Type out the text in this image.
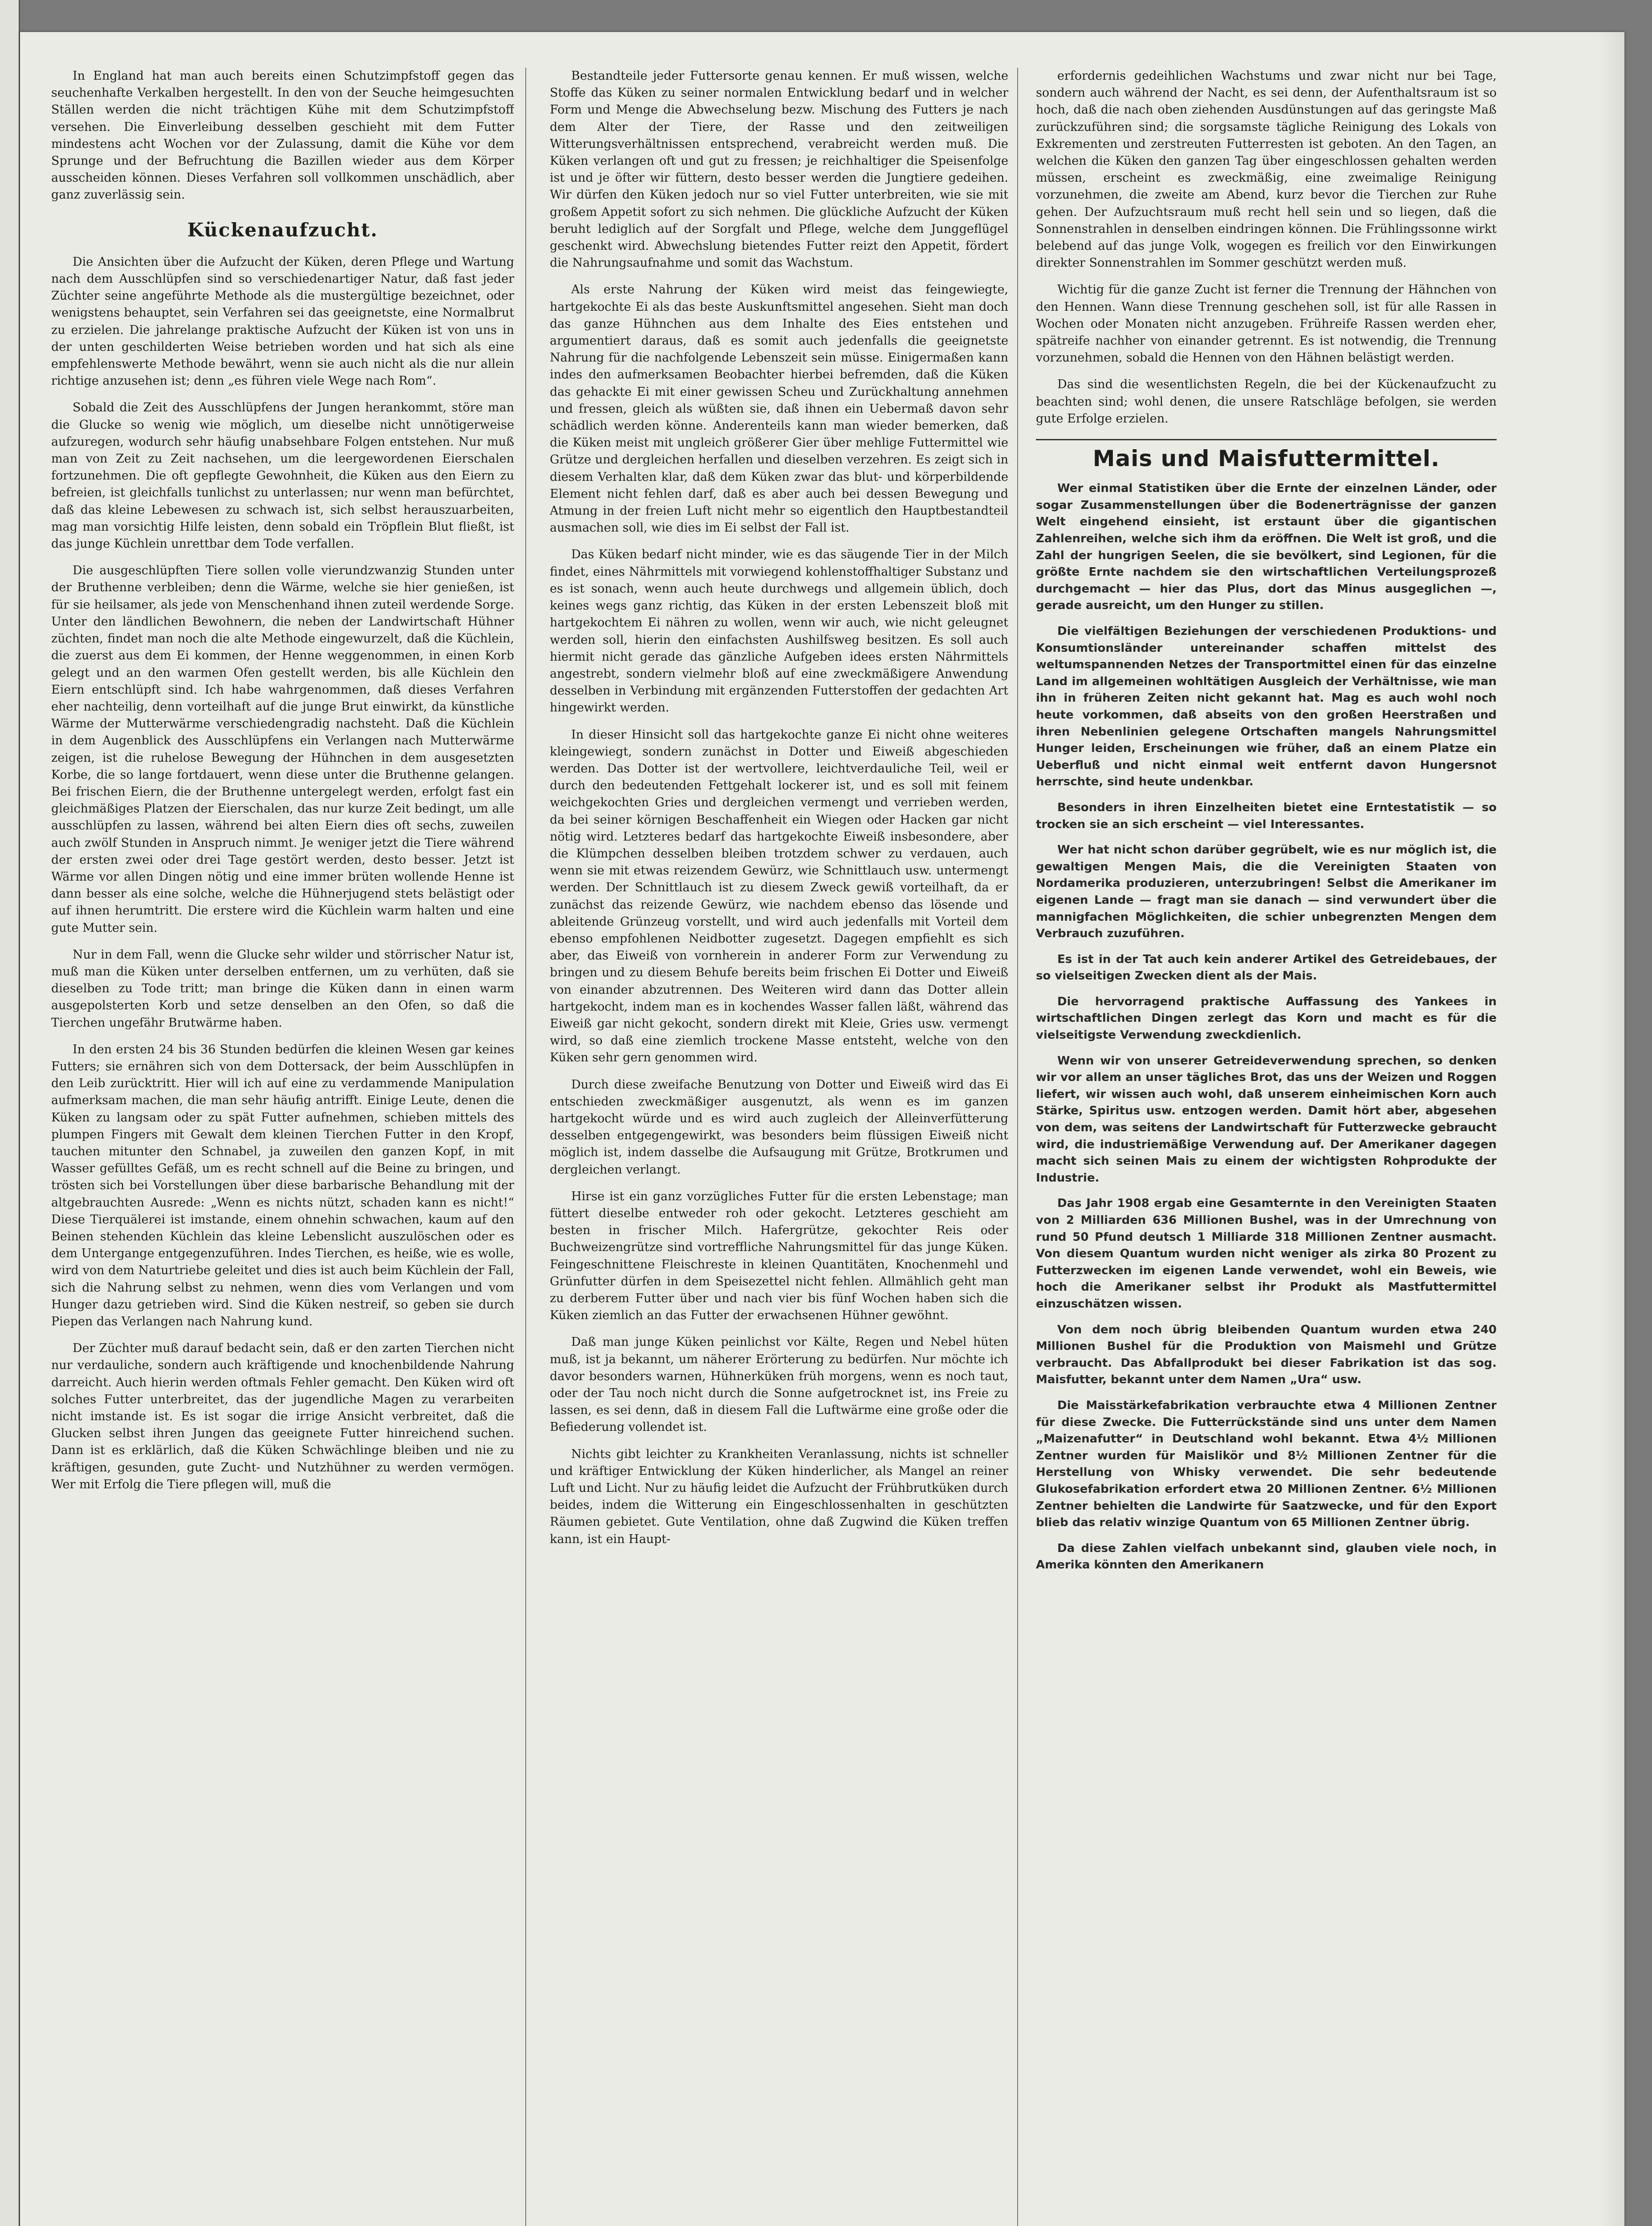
In England hat man auch bereits einen Schutzimpfstoff gegen das seuchenhafte Verkalben hergestellt. In den von der Seuche heimgesuchten Ställen werden die nicht trächtigen Kühe mit dem Schutzimpfstoff versehen. Die Einverleibung desselben geschieht mit dem Futter mindestens acht Wochen vor der Zulassung, damit die Kühe vor dem Sprunge und der Befruchtung die Bazillen wieder aus dem Körper ausscheiden können. Dieses Verfahren soll vollkommen unschädlich, aber ganz zuverlässig sein.

Kückenaufzucht.

Die Ansichten über die Aufzucht der Küken, deren Pflege und Wartung nach dem Ausschlüpfen sind so verschiedenartiger Natur, daß fast jeder Züchter seine angeführte Methode als die mustergültige bezeichnet, oder wenigstens behauptet, sein Verfahren sei das geeignetste, eine Normalbrut zu erzielen. Die jahrelange praktische Aufzucht der Küken ist von uns in der unten geschilderten Weise betrieben worden und hat sich als eine empfehlenswerte Methode bewährt, wenn sie auch nicht als die nur allein richtige anzusehen ist; denn „es führen viele Wege nach Rom“.

Sobald die Zeit des Ausschlüpfens der Jungen herankommt, störe man die Glucke so wenig wie möglich, um dieselbe nicht unnötigerweise aufzuregen, wodurch sehr häufig unabsehbare Folgen entstehen. Nur muß man von Zeit zu Zeit nachsehen, um die leergewordenen Eierschalen fortzunehmen. Die oft gepflegte Gewohnheit, die Küken aus den Eiern zu befreien, ist gleichfalls tunlichst zu unterlassen; nur wenn man befürchtet, daß das kleine Lebewesen zu schwach ist, sich selbst herauszuarbeiten, mag man vorsichtig Hilfe leisten, denn sobald ein Tröpflein Blut fließt, ist das junge Küchlein unrettbar dem Tode verfallen.

Die ausgeschlüpften Tiere sollen volle vierundzwanzig Stunden unter der Bruthenne verbleiben; denn die Wärme, welche sie hier genießen, ist für sie heilsamer, als jede von Menschenhand ihnen zuteil werdende Sorge. Unter den ländlichen Bewohnern, die neben der Landwirtschaft Hühner züchten, findet man noch die alte Methode eingewurzelt, daß die Küchlein, die zuerst aus dem Ei kommen, der Henne weggenommen, in einen Korb gelegt und an den warmen Ofen gestellt werden, bis alle Küchlein den Eiern entschlüpft sind. Ich habe wahrgenommen, daß dieses Verfahren eher nachteilig, denn vorteilhaft auf die junge Brut einwirkt, da künstliche Wärme der Mutterwärme verschiedengradig nachsteht. Daß die Küchlein in dem Augenblick des Ausschlüpfens ein Verlangen nach Mutterwärme zeigen, ist die ruhelose Bewegung der Hühnchen in dem ausgesetzten Korbe, die so lange fortdauert, wenn diese unter die Bruthenne gelangen. Bei frischen Eiern, die der Bruthenne untergelegt werden, erfolgt fast ein gleichmäßiges Platzen der Eierschalen, das nur kurze Zeit bedingt, um alle ausschlüpfen zu lassen, während bei alten Eiern dies oft sechs, zuweilen auch zwölf Stunden in Anspruch nimmt. Je weniger jetzt die Tiere während der ersten zwei oder drei Tage gestört werden, desto besser. Jetzt ist Wärme vor allen Dingen nötig und eine immer brüten wollende Henne ist dann besser als eine solche, welche die Hühnerjugend stets belästigt oder auf ihnen herumtritt. Die erstere wird die Küchlein warm halten und eine gute Mutter sein.

Nur in dem Fall, wenn die Glucke sehr wilder und störrischer Natur ist, muß man die Küken unter derselben entfernen, um zu verhüten, daß sie dieselben zu Tode tritt; man bringe die Küken dann in einen warm ausgepolsterten Korb und setze denselben an den Ofen, so daß die Tierchen ungefähr Brutwärme haben.

In den ersten 24 bis 36 Stunden bedürfen die kleinen Wesen gar keines Futters; sie ernähren sich von dem Dottersack, der beim Ausschlüpfen in den Leib zurücktritt. Hier will ich auf eine zu verdammende Manipulation aufmerksam machen, die man sehr häufig antrifft. Einige Leute, denen die Küken zu langsam oder zu spät Futter aufnehmen, schieben mittels des plumpen Fingers mit Gewalt dem kleinen Tierchen Futter in den Kropf, tauchen mitunter den Schnabel, ja zuweilen den ganzen Kopf, in mit Wasser gefülltes Gefäß, um es recht schnell auf die Beine zu bringen, und trösten sich bei Vorstellungen über diese barbarische Behandlung mit der altgebrauchten Ausrede: „Wenn es nichts nützt, schaden kann es nicht!“ Diese Tierquälerei ist imstande, einem ohnehin schwachen, kaum auf den Beinen stehenden Küchlein das kleine Lebenslicht auszulöschen oder es dem Untergange entgegenzuführen. Indes Tierchen, es heiße, wie es wolle, wird von dem Naturtriebe geleitet und dies ist auch beim Küchlein der Fall, sich die Nahrung selbst zu nehmen, wenn dies vom Verlangen und vom Hunger dazu getrieben wird. Sind die Küken nestreif, so geben sie durch Piepen das Verlangen nach Nahrung kund.

Der Züchter muß darauf bedacht sein, daß er den zarten Tierchen nicht nur verdauliche, sondern auch kräftigende und knochenbildende Nahrung darreicht. Auch hierin werden oftmals Fehler gemacht. Den Küken wird oft solches Futter unterbreitet, das der jugendliche Magen zu verarbeiten nicht imstande ist. Es ist sogar die irrige Ansicht verbreitet, daß die Glucken selbst ihren Jungen das geeignete Futter hinreichend suchen. Dann ist es erklärlich, daß die Küken Schwächlinge bleiben und nie zu kräftigen, gesunden, gute Zucht- und Nutzhühner zu werden vermögen. Wer mit Erfolg die Tiere pflegen will, muß die

Bestandteile jeder Futtersorte genau kennen. Er muß wissen, welche Stoffe das Küken zu seiner normalen Entwicklung bedarf und in welcher Form und Menge die Abwechselung bezw. Mischung des Futters je nach dem Alter der Tiere, der Rasse und den zeitweiligen Witterungsverhältnissen entsprechend, verabreicht werden muß. Die Küken verlangen oft und gut zu fressen; je reichhaltiger die Speisenfolge ist und je öfter wir füttern, desto besser werden die Jungtiere gedeihen. Wir dürfen den Küken jedoch nur so viel Futter unterbreiten, wie sie mit großem Appetit sofort zu sich nehmen. Die glückliche Aufzucht der Küken beruht lediglich auf der Sorgfalt und Pflege, welche dem Junggeflügel geschenkt wird. Abwechslung bietendes Futter reizt den Appetit, fördert die Nahrungsaufnahme und somit das Wachstum.

Als erste Nahrung der Küken wird meist das feingewiegte, hartgekochte Ei als das beste Auskunftsmittel angesehen. Sieht man doch das ganze Hühnchen aus dem Inhalte des Eies entstehen und argumentiert daraus, daß es somit auch jedenfalls die geeignetste Nahrung für die nachfolgende Lebenszeit sein müsse. Einigermaßen kann indes den aufmerksamen Beobachter hierbei befremden, daß die Küken das gehackte Ei mit einer gewissen Scheu und Zurückhaltung annehmen und fressen, gleich als wüßten sie, daß ihnen ein Uebermaß davon sehr schädlich werden könne. Anderenteils kann man wieder bemerken, daß die Küken meist mit ungleich größerer Gier über mehlige Futtermittel wie Grütze und dergleichen herfallen und dieselben verzehren. Es zeigt sich in diesem Verhalten klar, daß dem Küken zwar das blut- und körperbildende Element nicht fehlen darf, daß es aber auch bei dessen Bewegung und Atmung in der freien Luft nicht mehr so eigentlich den Hauptbestandteil ausmachen soll, wie dies im Ei selbst der Fall ist.

Das Küken bedarf nicht minder, wie es das säugende Tier in der Milch findet, eines Nährmittels mit vorwiegend kohlenstoffhaltiger Substanz und es ist sonach, wenn auch heute durchwegs und allgemein üblich, doch keines wegs ganz richtig, das Küken in der ersten Lebenszeit bloß mit hartgekochtem Ei nähren zu wollen, wenn wir auch, wie nicht geleugnet werden soll, hierin den einfachsten Aushilfsweg besitzen. Es soll auch hiermit nicht gerade das gänzliche Aufgeben idees ersten Nährmittels angestrebt, sondern vielmehr bloß auf eine zweckmäßigere Anwendung desselben in Verbindung mit ergänzenden Futterstoffen der gedachten Art hingewirkt werden.

In dieser Hinsicht soll das hartgekochte ganze Ei nicht ohne weiteres kleingewiegt, sondern zunächst in Dotter und Eiweiß abgeschieden werden. Das Dotter ist der wertvollere, leichtverdauliche Teil, weil er durch den bedeutenden Fettgehalt lockerer ist, und es soll mit feinem weichgekochten Gries und dergleichen vermengt und verrieben werden, da bei seiner körnigen Beschaffenheit ein Wiegen oder Hacken gar nicht nötig wird. Letzteres bedarf das hartgekochte Eiweiß insbesondere, aber die Klümpchen desselben bleiben trotzdem schwer zu verdauen, auch wenn sie mit etwas reizendem Gewürz, wie Schnittlauch usw. untermengt werden. Der Schnittlauch ist zu diesem Zweck gewiß vorteilhaft, da er zunächst das reizende Gewürz, wie nachdem ebenso das lösende und ableitende Grünzeug vorstellt, und wird auch jedenfalls mit Vorteil dem ebenso empfohlenen Neidbotter zugesetzt. Dagegen empfiehlt es sich aber, das Eiweiß von vornherein in anderer Form zur Verwendung zu bringen und zu diesem Behufe bereits beim frischen Ei Dotter und Eiweiß von einander abzutrennen. Des Weiteren wird dann das Dotter allein hartgekocht, indem man es in kochendes Wasser fallen läßt, während das Eiweiß gar nicht gekocht, sondern direkt mit Kleie, Gries usw. vermengt wird, so daß eine ziemlich trockene Masse entsteht, welche von den Küken sehr gern genommen wird.

Durch diese zweifache Benutzung von Dotter und Eiweiß wird das Ei entschieden zweckmäßiger ausgenutzt, als wenn es im ganzen hartgekocht würde und es wird auch zugleich der Alleinverfütterung desselben entgegengewirkt, was besonders beim flüssigen Eiweiß nicht möglich ist, indem dasselbe die Aufsaugung mit Grütze, Brotkrumen und dergleichen verlangt.

Hirse ist ein ganz vorzügliches Futter für die ersten Lebenstage; man füttert dieselbe entweder roh oder gekocht. Letzteres geschieht am besten in frischer Milch. Hafergrütze, gekochter Reis oder Buchweizengrütze sind vortreffliche Nahrungsmittel für das junge Küken. Feingeschnittene Fleischreste in kleinen Quantitäten, Knochenmehl und Grünfutter dürfen in dem Speisezettel nicht fehlen. Allmählich geht man zu derberem Futter über und nach vier bis fünf Wochen haben sich die Küken ziemlich an das Futter der erwachsenen Hühner gewöhnt.

Daß man junge Küken peinlichst vor Kälte, Regen und Nebel hüten muß, ist ja bekannt, um näherer Erörterung zu bedürfen. Nur möchte ich davor besonders warnen, Hühnerküken früh morgens, wenn es noch taut, oder der Tau noch nicht durch die Sonne aufgetrocknet ist, ins Freie zu lassen, es sei denn, daß in diesem Fall die Luftwärme eine große oder die Befiederung vollendet ist.

Nichts gibt leichter zu Krankheiten Veranlassung, nichts ist schneller und kräftiger Entwicklung der Küken hinderlicher, als Mangel an reiner Luft und Licht. Nur zu häufig leidet die Aufzucht der Frühbrutküken durch beides, indem die Witterung ein Eingeschlossenhalten in geschützten Räumen gebietet. Gute Ventilation, ohne daß Zugwind die Küken treffen kann, ist ein Haupt-

erfordernis gedeihlichen Wachstums und zwar nicht nur bei Tage, sondern auch während der Nacht, es sei denn, der Aufenthaltsraum ist so hoch, daß die nach oben ziehenden Ausdünstungen auf das geringste Maß zurückzuführen sind; die sorgsamste tägliche Reinigung des Lokals von Exkrementen und zerstreuten Futterresten ist geboten. An den Tagen, an welchen die Küken den ganzen Tag über eingeschlossen gehalten werden müssen, erscheint es zweckmäßig, eine zweimalige Reinigung vorzunehmen, die zweite am Abend, kurz bevor die Tierchen zur Ruhe gehen. Der Aufzuchtsraum muß recht hell sein und so liegen, daß die Sonnenstrahlen in denselben eindringen können. Die Frühlingssonne wirkt belebend auf das junge Volk, wogegen es freilich vor den Einwirkungen direkter Sonnenstrahlen im Sommer geschützt werden muß.

Wichtig für die ganze Zucht ist ferner die Trennung der Hähnchen von den Hennen. Wann diese Trennung geschehen soll, ist für alle Rassen in Wochen oder Monaten nicht anzugeben. Frühreife Rassen werden eher, spätreife nachher von einander getrennt. Es ist notwendig, die Trennung vorzunehmen, sobald die Hennen von den Hähnen belästigt werden.

Das sind die wesentlichsten Regeln, die bei der Kückenaufzucht zu beachten sind; wohl denen, die unsere Ratschläge befolgen, sie werden gute Erfolge erzielen.

Mais und Maisfuttermittel.

Wer einmal Statistiken über die Ernte der einzelnen Länder, oder sogar Zusammenstellungen über die Bodenerträgnisse der ganzen Welt eingehend einsieht, ist erstaunt über die gigantischen Zahlenreihen, welche sich ihm da eröffnen. Die Welt ist groß, und die Zahl der hungrigen Seelen, die sie bevölkert, sind Legionen, für die größte Ernte nachdem sie den wirtschaftlichen Verteilungsprozeß durchgemacht — hier das Plus, dort das Minus ausgeglichen —, gerade ausreicht, um den Hunger zu stillen.

Die vielfältigen Beziehungen der verschiedenen Produktions- und Konsumtionsländer untereinander schaffen mittelst des weltumspannenden Netzes der Transportmittel einen für das einzelne Land im allgemeinen wohltätigen Ausgleich der Verhältnisse, wie man ihn in früheren Zeiten nicht gekannt hat. Mag es auch wohl noch heute vorkommen, daß abseits von den großen Heerstraßen und ihren Nebenlinien gelegene Ortschaften mangels Nahrungsmittel Hunger leiden, Erscheinungen wie früher, daß an einem Platze ein Ueberfluß und nicht einmal weit entfernt davon Hungersnot herrschte, sind heute undenkbar.

Besonders in ihren Einzelheiten bietet eine Erntestatistik — so trocken sie an sich erscheint — viel Interessantes.

Wer hat nicht schon darüber gegrübelt, wie es nur möglich ist, die gewaltigen Mengen Mais, die die Vereinigten Staaten von Nordamerika produzieren, unterzubringen! Selbst die Amerikaner im eigenen Lande — fragt man sie danach — sind verwundert über die mannigfachen Möglichkeiten, die schier unbegrenzten Mengen dem Verbrauch zuzuführen.

Es ist in der Tat auch kein anderer Artikel des Getreidebaues, der so vielseitigen Zwecken dient als der Mais.

Die hervorragend praktische Auffassung des Yankees in wirtschaftlichen Dingen zerlegt das Korn und macht es für die vielseitigste Verwendung zweckdienlich.

Wenn wir von unserer Getreideverwendung sprechen, so denken wir vor allem an unser tägliches Brot, das uns der Weizen und Roggen liefert, wir wissen auch wohl, daß unserem einheimischen Korn auch Stärke, Spiritus usw. entzogen werden. Damit hört aber, abgesehen von dem, was seitens der Landwirtschaft für Futterzwecke gebraucht wird, die industriemäßige Verwendung auf. Der Amerikaner dagegen macht sich seinen Mais zu einem der wichtigsten Rohprodukte der Industrie.

Das Jahr 1908 ergab eine Gesamternte in den Vereinigten Staaten von 2 Milliarden 636 Millionen Bushel, was in der Umrechnung von rund 50 Pfund deutsch 1 Milliarde 318 Millionen Zentner ausmacht. Von diesem Quantum wurden nicht weniger als zirka 80 Prozent zu Futterzwecken im eigenen Lande verwendet, wohl ein Beweis, wie hoch die Amerikaner selbst ihr Produkt als Mastfuttermittel einzuschätzen wissen.

Von dem noch übrig bleibenden Quantum wurden etwa 240 Millionen Bushel für die Produktion von Maismehl und Grütze verbraucht. Das Abfallprodukt bei dieser Fabrikation ist das sog. Maisfutter, bekannt unter dem Namen „Ura“ usw.

Die Maisstärkefabrikation verbrauchte etwa 4 Millionen Zentner für diese Zwecke. Die Futterrückstände sind uns unter dem Namen „Maizenafutter“ in Deutschland wohl bekannt. Etwa 4½ Millionen Zentner wurden für Maislikör und 8½ Millionen Zentner für die Herstellung von Whisky verwendet. Die sehr bedeutende Glukosefabrikation erfordert etwa 20 Millionen Zentner. 6½ Millionen Zentner behielten die Landwirte für Saatzwecke, und für den Export blieb das relativ winzige Quantum von 65 Millionen Zentner übrig.

Da diese Zahlen vielfach unbekannt sind, glauben viele noch, in Amerika könnten den Amerikanern
